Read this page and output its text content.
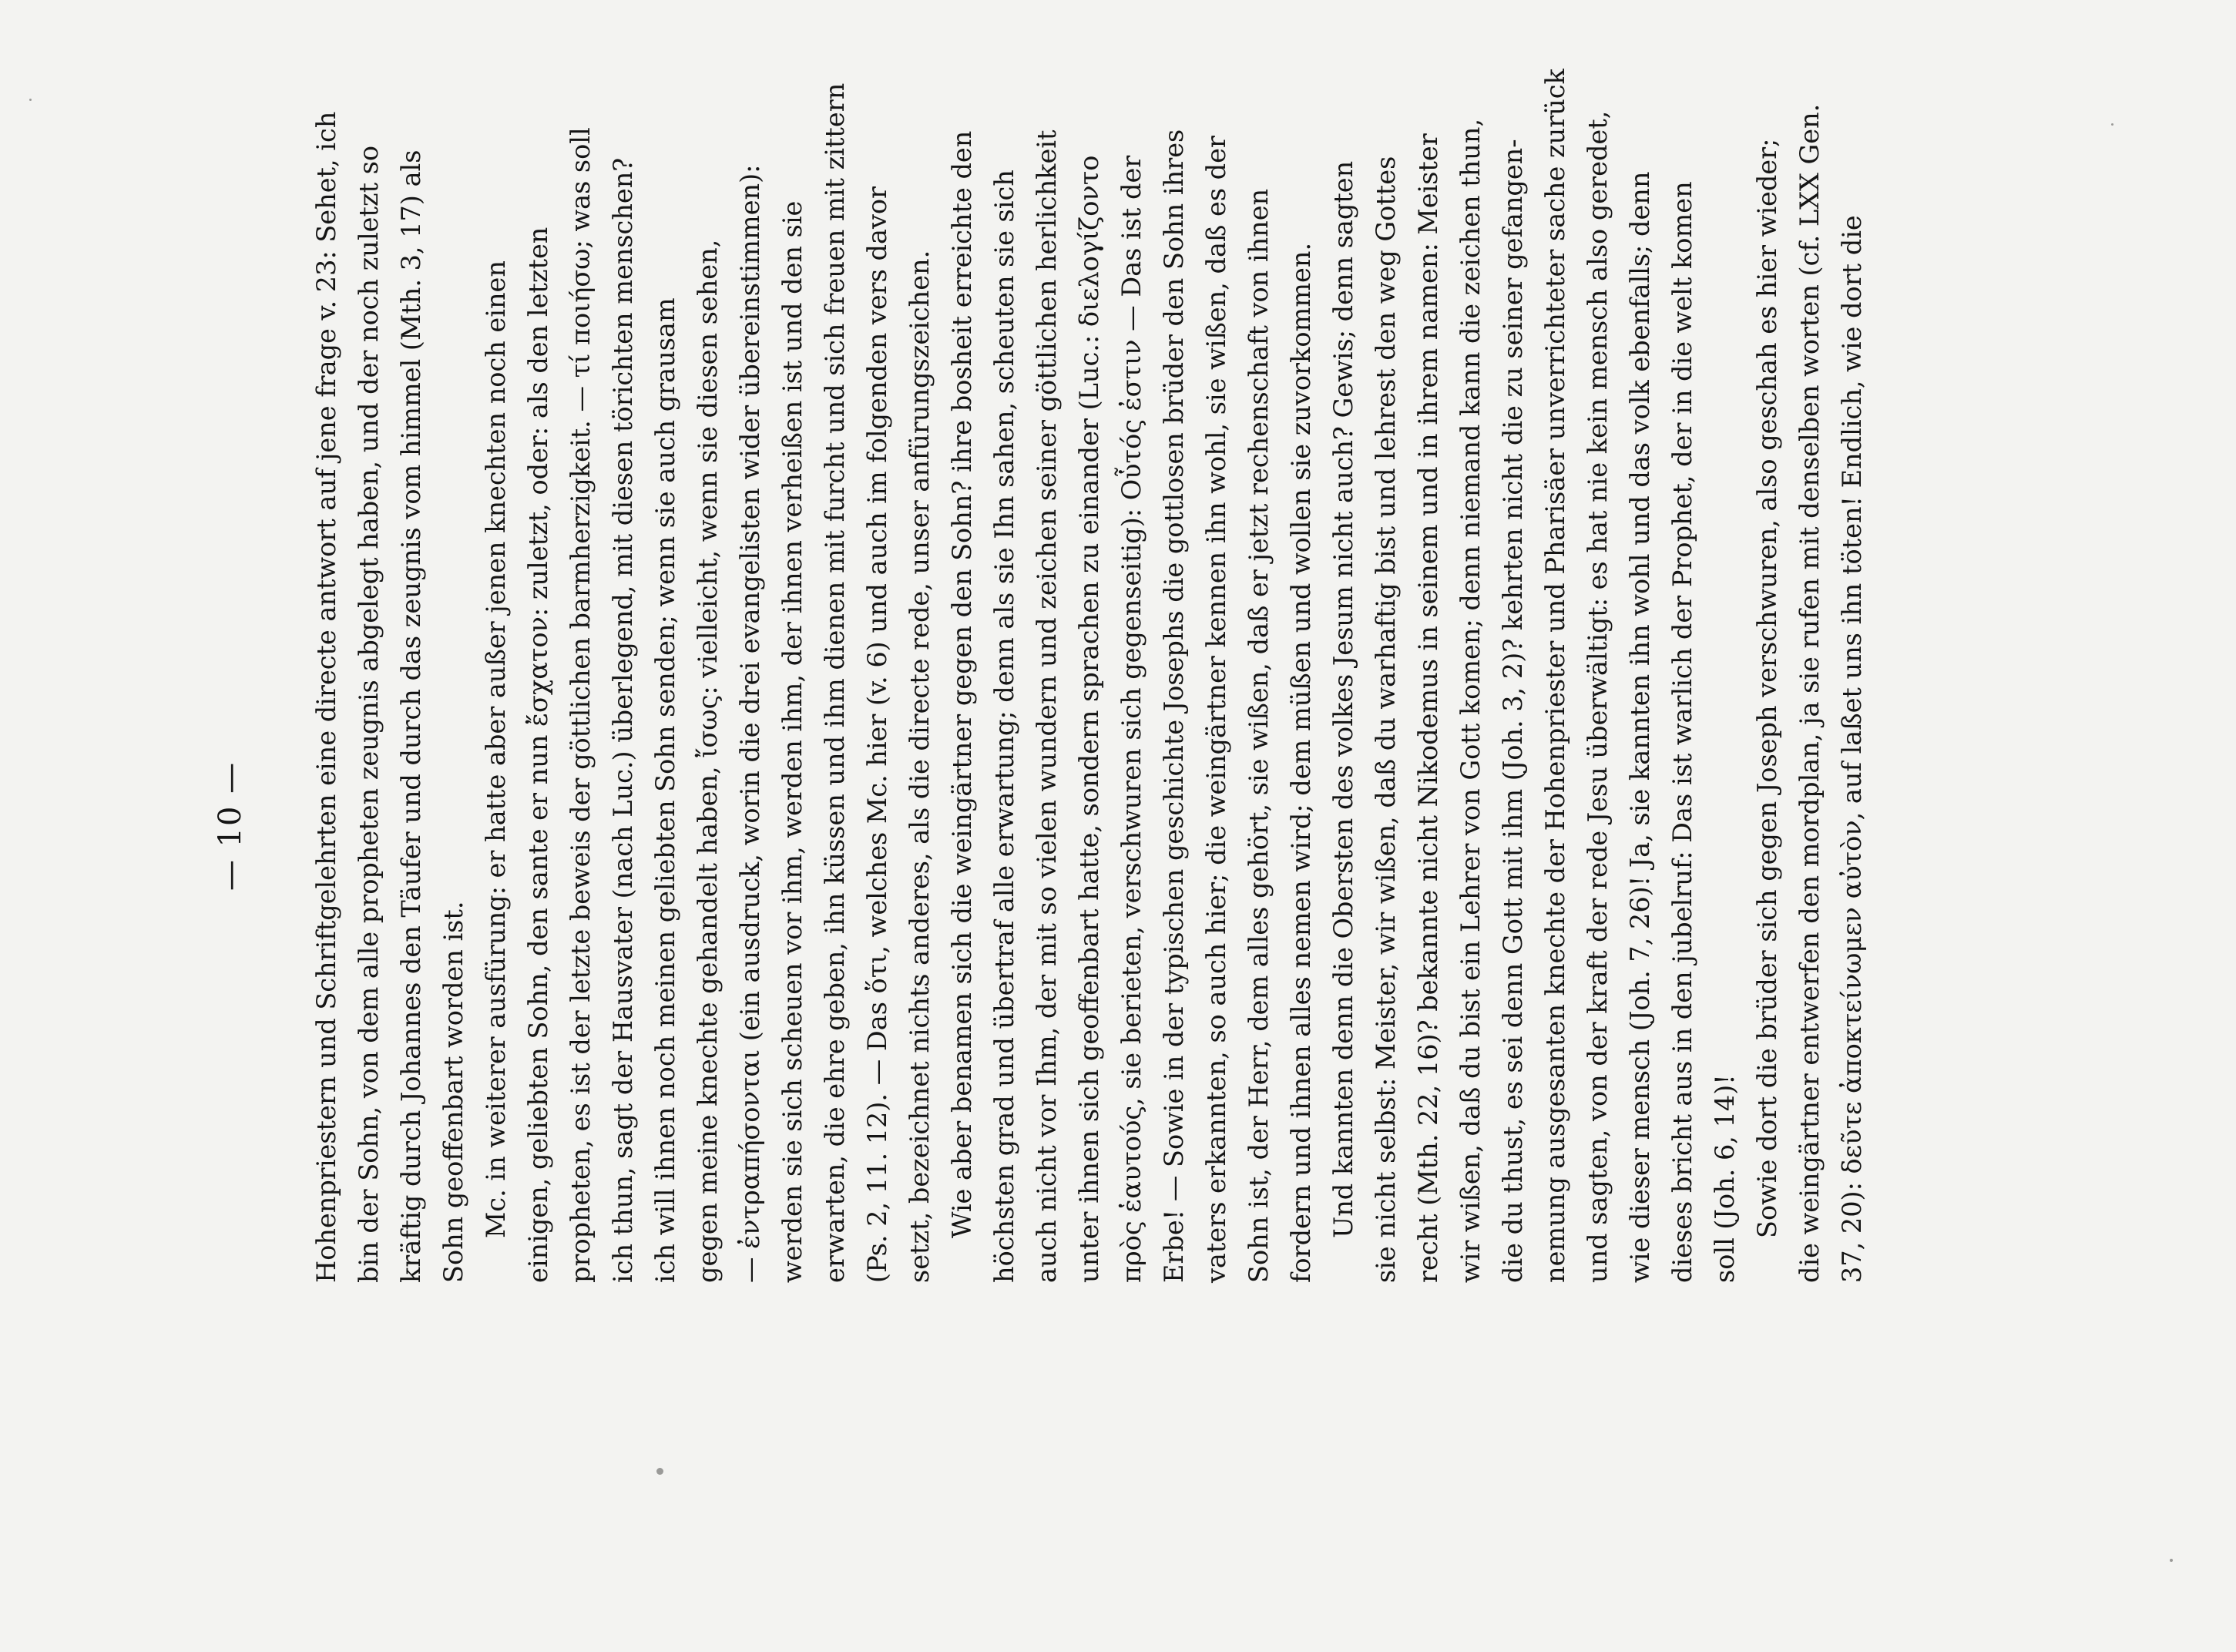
— 10 — Hohenpriestern und Schriftgelehrten eine directe antwort auf jene frage v. 23: Sehet, ich bin der Sohn, von dem alle propheten zeugnis abgelegt haben, und der noch zuletzt so kräftig durch Johannes den Täufer und durch das zeugnis vom himmel (Mth. 3, 17) als Sohn geoffenbart worden ist. Mc. in weiterer ausfürung: er hatte aber außer jenen knechten noch einen einigen, geliebten Sohn, den sante er nun ἔσχατον: zuletzt, oder: als den letzten propheten, es ist der letzte beweis der göttlichen barmherzigkeit. — τί ποιήσω; was soll ich thun, sagt der Hausvater (nach Luc.) überlegend, mit diesen törichten menschen? ich will ihnen noch meinen geliebten Sohn senden; wenn sie auch grausam gegen meine knechte gehandelt haben, ἴσως: vielleicht, wenn sie diesen sehen, — ἐντραπήσονται (ein ausdruck, worin die drei evangelisten wider übereinstimmen): werden sie sich scheuen vor ihm, werden ihm, der ihnen verheißen ist und den sie erwarten, die ehre geben, ihn küssen und ihm dienen mit furcht und sich freuen mit zittern (Ps. 2, 11. 12). — Das ὅτι, welches Mc. hier (v. 6) und auch im folgenden vers davor setzt, bezeichnet nichts anderes, als die directe rede, unser anfürungszeichen. Wie aber benamen sich die weingärtner gegen den Sohn? ihre bosheit erreichte den höchsten grad und übertraf alle erwartung; denn als sie Ihn sahen, scheuten sie sich auch nicht vor Ihm, der mit so vielen wundern und zeichen seiner göttlichen herlichkeit unter ihnen sich geoffenbart hatte, sondern sprachen zu einander (Luc.: διελογίζοντο πρὸς ἑαυτούς, sie berieten, verschwuren sich gegenseitig): Οὗτός ἐστιν — Das ist der Erbe! — Sowie in der typischen geschichte Josephs die gottlosen brüder den Sohn ihres vaters erkannten, so auch hier; die weingärtner kennen ihn wohl, sie wißen, daß es der Sohn ist, der Herr, dem alles gehört, sie wißen, daß er jetzt rechenschaft von ihnen fordern und ihnen alles nemen wird; dem müßen und wollen sie zuvorkommen. Und kannten denn die Obersten des volkes Jesum nicht auch? Gewis; denn sagten sie nicht selbst: Meister, wir wißen, daß du warhaftig bist und lehrest den weg Gottes recht (Mth. 22, 16)? bekannte nicht Nikodemus in seinem und in ihrem namen: Meister wir wißen, daß du bist ein Lehrer von Gott komen; denn niemand kann die zeichen thun, die du thust, es sei denn Gott mit ihm (Joh. 3, 2)? kehrten nicht die zu seiner gefangen- nemung ausgesanten knechte der Hohenpriester und Pharisäer unverrichteter sache zurück und sagten, von der kraft der rede Jesu überwältigt: es hat nie kein mensch also geredet, wie dieser mensch (Joh. 7, 26)! Ja, sie kannten ihn wohl und das volk ebenfalls; denn dieses bricht aus in den jubelruf: Das ist warlich der Prophet, der in die welt komen soll (Joh. 6, 14)! Sowie dort die brüder sich gegen Joseph verschwuren, also geschah es hier wieder; die weingärtner entwerfen den mordplan, ja sie rufen mit denselben worten (cf. LXX Gen. 37, 20): δεῦτε ἀποκτείνωμεν αὐτὸν, auf laßet uns ihn töten! Endlich, wie dort die
